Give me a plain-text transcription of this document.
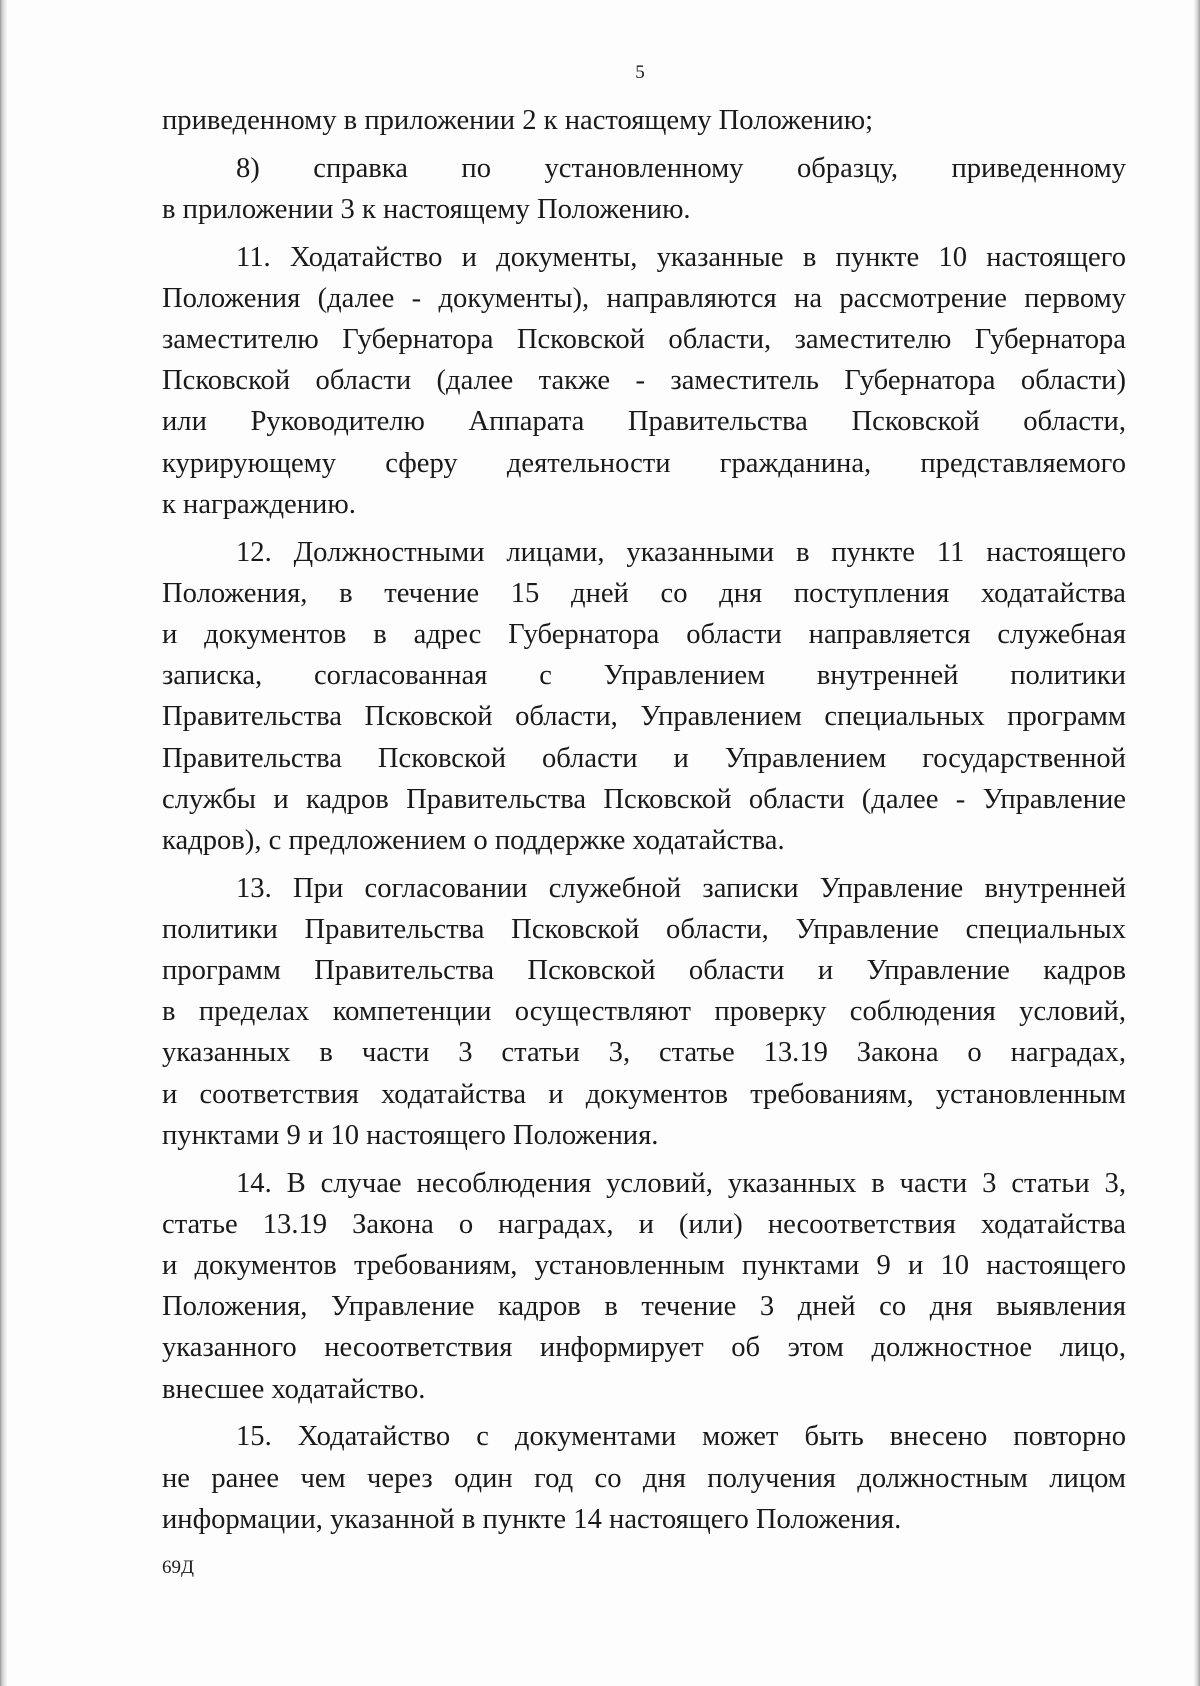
5
приведенному в приложении 2 к настоящему Положению;
8) справка по установленному образцу, приведенному
в приложении 3 к настоящему Положению.
11. Ходатайство и документы, указанные в пункте 10 настоящего
Положения (далее - документы), направляются на рассмотрение первому
заместителю Губернатора Псковской области, заместителю Губернатора
Псковской области (далее также - заместитель Губернатора области)
или Руководителю Аппарата Правительства Псковской области,
курирующему сферу деятельности гражданина, представляемого
к награждению.
12. Должностными лицами, указанными в пункте 11 настоящего
Положения, в течение 15 дней со дня поступления ходатайства
и документов в адрес Губернатора области направляется служебная
записка, согласованная с Управлением внутренней политики
Правительства Псковской области, Управлением специальных программ
Правительства Псковской области и Управлением государственной
службы и кадров Правительства Псковской области (далее - Управление
кадров), с предложением о поддержке ходатайства.
13. При согласовании служебной записки Управление внутренней
политики Правительства Псковской области, Управление специальных
программ Правительства Псковской области и Управление кадров
в пределах компетенции осуществляют проверку соблюдения условий,
указанных в части 3 статьи 3, статье 13.19 Закона о наградах,
и соответствия ходатайства и документов требованиям, установленным
пунктами 9 и 10 настоящего Положения.
14. В случае несоблюдения условий, указанных в части 3 статьи 3,
статье 13.19 Закона о наградах, и (или) несоответствия ходатайства
и документов требованиям, установленным пунктами 9 и 10 настоящего
Положения, Управление кадров в течение 3 дней со дня выявления
указанного несоответствия информирует об этом должностное лицо,
внесшее ходатайство.
15. Ходатайство с документами может быть внесено повторно
не ранее чем через один год со дня получения должностным лицом
информации, указанной в пункте 14 настоящего Положения.
69Д
